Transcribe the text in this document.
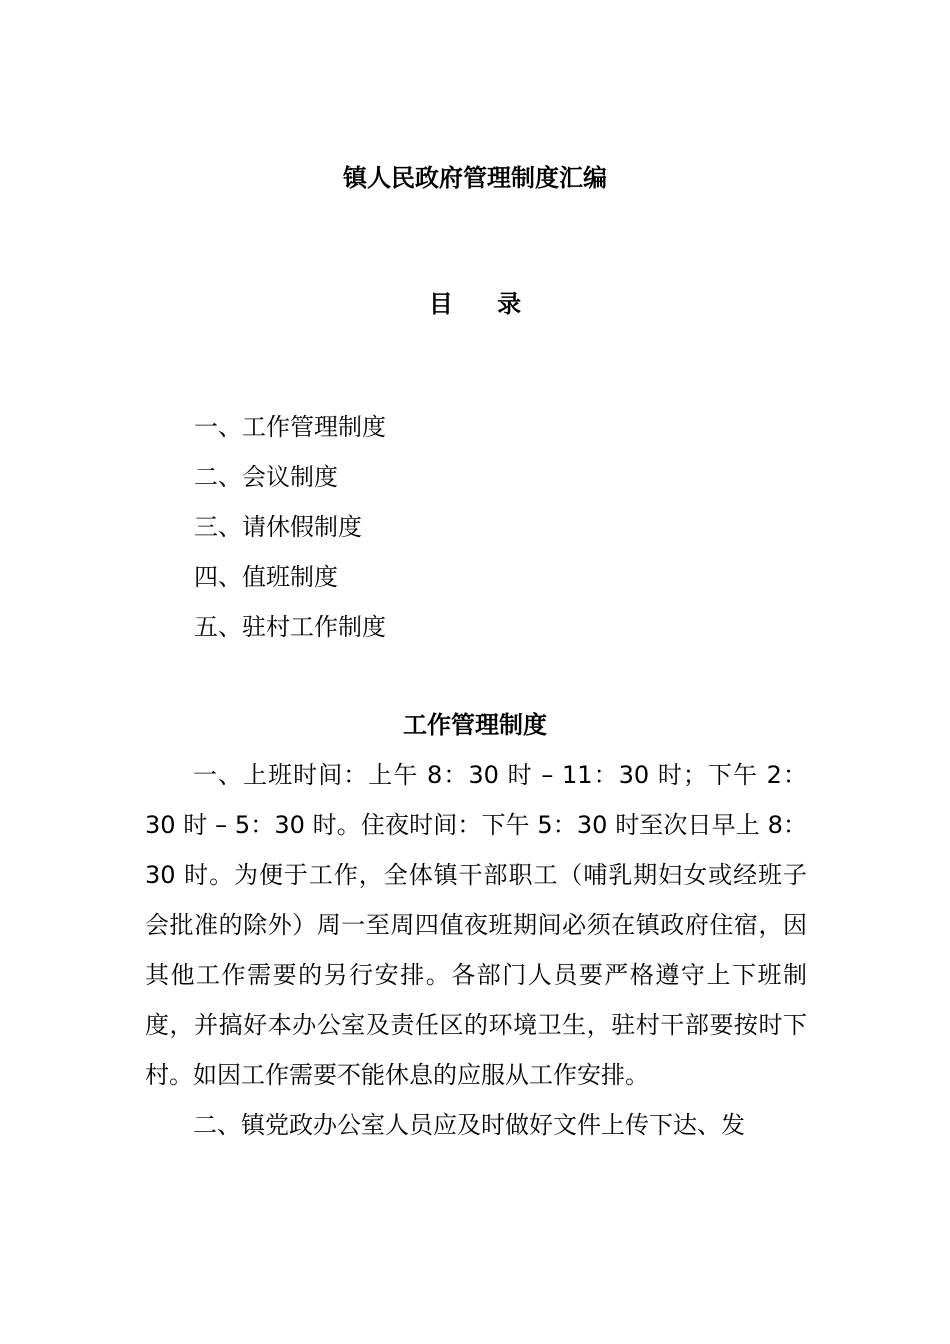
镇人民政府管理制度汇编
目 录
一、工作管理制度
二、会议制度
三、请休假制度
四、值班制度
五、驻村工作制度
工作管理制度

一、上班时间：上午 8：30 时 – 11：30 时；下午 2：30 时 – 5：30 时。住夜时间：下午 5：30 时至次日早上 8：30 时。为便于工作，全体镇干部职工（哺乳期妇女或经班子会批准的除外）周一至周四值夜班期间必须在镇政府住宿，因其他工作需要的另行安排。各部门人员要严格遵守上下班制度，并搞好本办公室及责任区的环境卫生，驻村干部要按时下村。如因工作需要不能休息的应服从工作安排。

二、镇党政办公室人员应及时做好文件上传下达、发
